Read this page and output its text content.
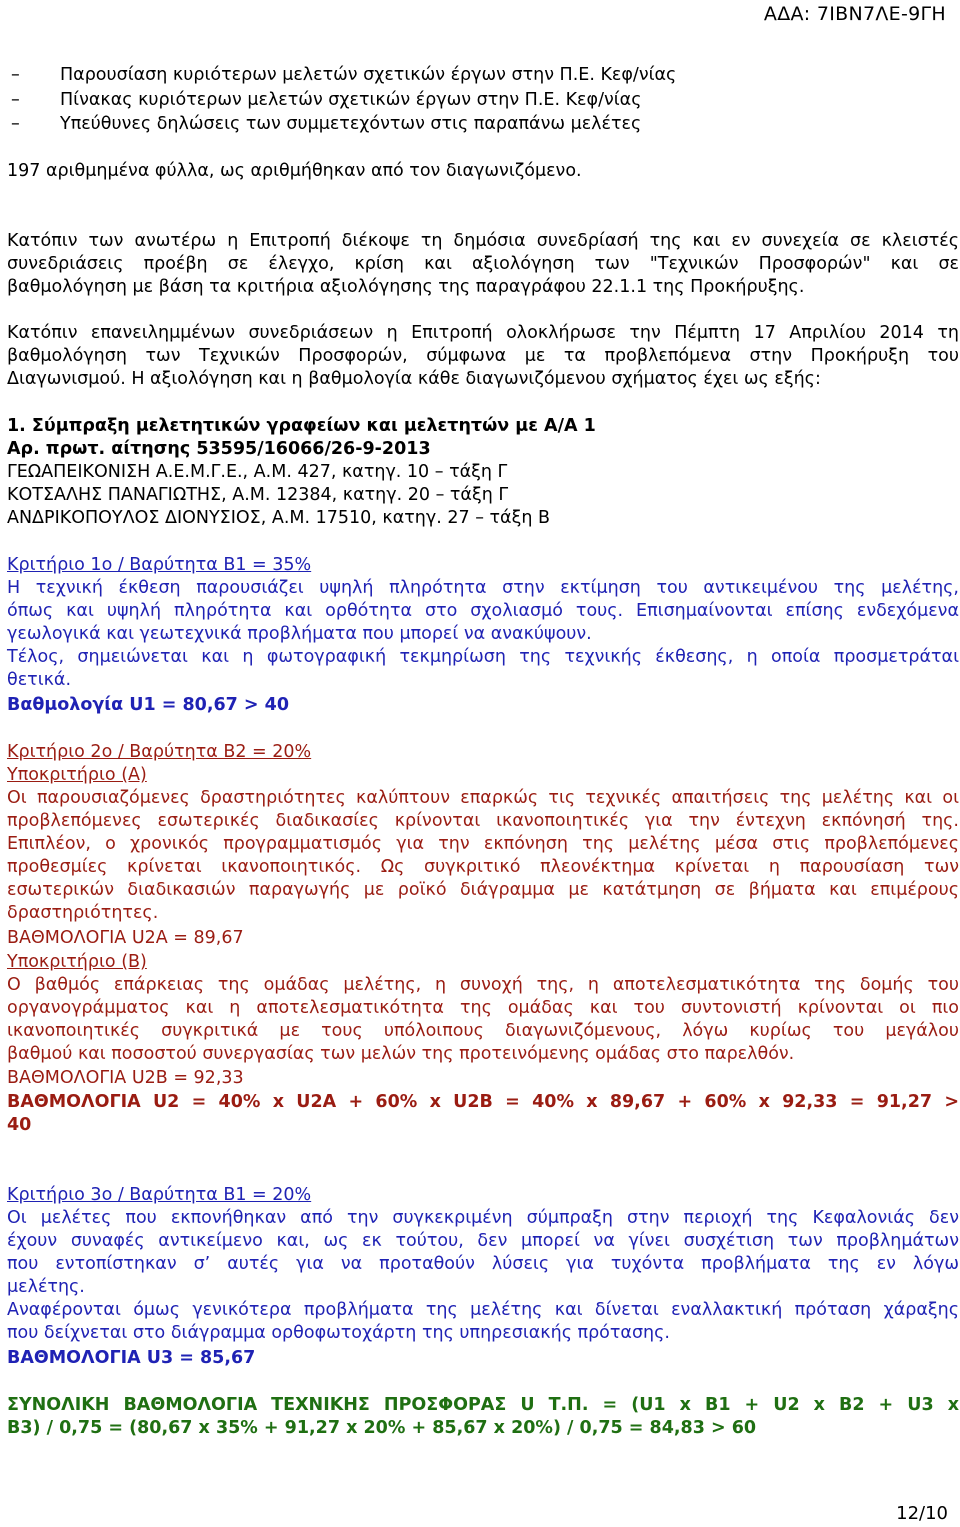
ΑΔΑ: 7ΙΒΝ7ΛΕ-9ΓΗ
– Παρουσίαση κυριότερων μελετών σχετικών έργων στην Π.Ε. Κεφ/νίας
– Πίνακας κυριότερων μελετών σχετικών έργων στην Π.Ε. Κεφ/νίας
– Υπεύθυνες δηλώσεις των συμμετεχόντων στις παραπάνω μελέτες
197 αριθμημένα φύλλα, ως αριθμήθηκαν από τον διαγωνιζόμενο.
Κατόπιν των ανωτέρω η Επιτροπή διέκοψε τη δημόσια συνεδρίασή της και εν συνεχεία σε κλειστές
συνεδριάσεις προέβη σε έλεγχο, κρίση και αξιολόγηση των "Τεχνικών Προσφορών" και σε
βαθμολόγηση με βάση τα κριτήρια αξιολόγησης της παραγράφου 22.1.1 της Προκήρυξης.
Κατόπιν επανειλημμένων συνεδριάσεων η Επιτροπή ολοκλήρωσε την Πέμπτη 17 Απριλίου 2014 τη
βαθμολόγηση των Τεχνικών Προσφορών, σύμφωνα με τα προβλεπόμενα στην Προκήρυξη του
Διαγωνισμού. Η αξιολόγηση και η βαθμολογία κάθε διαγωνιζόμενου σχήματος έχει ως εξής:
1. Σύμπραξη μελετητικών γραφείων και μελετητών με Α/Α 1
Αρ. πρωτ. αίτησης 53595/16066/26-9-2013
ΓΕΩΑΠΕΙΚΟΝΙΣΗ Α.Ε.Μ.Γ.Ε., Α.Μ. 427, κατηγ. 10 – τάξη Γ
ΚΟΤΣΑΛΗΣ ΠΑΝΑΓΙΩΤΗΣ, Α.Μ. 12384, κατηγ. 20 – τάξη Γ
ΑΝΔΡΙΚΟΠΟΥΛΟΣ ΔΙΟΝΥΣΙΟΣ, Α.Μ. 17510, κατηγ. 27 – τάξη Β
Κριτήριο 1ο / Βαρύτητα Β1 = 35%
Η τεχνική έκθεση παρουσιάζει υψηλή πληρότητα στην εκτίμηση του αντικειμένου της μελέτης,
όπως και υψηλή πληρότητα και ορθότητα στο σχολιασμό τους. Επισημαίνονται επίσης ενδεχόμενα
γεωλογικά και γεωτεχνικά προβλήματα που μπορεί να ανακύψουν.
Τέλος, σημειώνεται και η φωτογραφική τεκμηρίωση της τεχνικής έκθεσης, η οποία προσμετράται
θετικά.
Βαθμολογία U1 = 80,67 > 40
Κριτήριο 2ο / Βαρύτητα Β2 = 20%
Υποκριτήριο (Α)
Οι παρουσιαζόμενες δραστηριότητες καλύπτουν επαρκώς τις τεχνικές απαιτήσεις της μελέτης και οι
προβλεπόμενες εσωτερικές διαδικασίες κρίνονται ικανοποιητικές για την έντεχνη εκπόνησή της.
Επιπλέον, ο χρονικός προγραμματισμός για την εκπόνηση της μελέτης μέσα στις προβλεπόμενες
προθεσμίες κρίνεται ικανοποιητικός. Ως συγκριτικό πλεονέκτημα κρίνεται η παρουσίαση των
εσωτερικών διαδικασιών παραγωγής με ροϊκό διάγραμμα με κατάτμηση σε βήματα και επιμέρους
δραστηριότητες.
ΒΑΘΜΟΛΟΓΙΑ U2A = 89,67
Υποκριτήριο (Β)
Ο βαθμός επάρκειας της ομάδας μελέτης, η συνοχή της, η αποτελεσματικότητα της δομής του
οργανογράμματος και η αποτελεσματικότητα της ομάδας και του συντονιστή κρίνονται οι πιο
ικανοποιητικές συγκριτικά με τους υπόλοιπους διαγωνιζόμενους, λόγω κυρίως του μεγάλου
βαθμού και ποσοστού συνεργασίας των μελών της προτεινόμενης ομάδας στο παρελθόν.
ΒΑΘΜΟΛΟΓΙΑ U2B = 92,33
ΒΑΘΜΟΛΟΓΙΑ U2 = 40% x U2A + 60% x U2B = 40% x 89,67 + 60% x 92,33 = 91,27 >
40
Κριτήριο 3ο / Βαρύτητα Β1 = 20%
Οι μελέτες που εκπονήθηκαν από την συγκεκριμένη σύμπραξη στην περιοχή της Κεφαλονιάς δεν
έχουν συναφές αντικείμενο και, ως εκ τούτου, δεν μπορεί να γίνει συσχέτιση των προβλημάτων
που εντοπίστηκαν σ’ αυτές για να προταθούν λύσεις για τυχόντα προβλήματα της εν λόγω
μελέτης.
Αναφέρονται όμως γενικότερα προβλήματα της μελέτης και δίνεται εναλλακτική πρόταση χάραξης
που δείχνεται στο διάγραμμα ορθοφωτοχάρτη της υπηρεσιακής πρότασης.
ΒΑΘΜΟΛΟΓΙΑ U3 = 85,67
ΣΥΝΟΛΙΚΗ ΒΑΘΜΟΛΟΓΙΑ ΤΕΧΝΙΚΗΣ ΠΡΟΣΦΟΡΑΣ U Τ.Π. = (U1 x B1 + U2 x B2 + U3 x
B3) / 0,75 = (80,67 x 35% + 91,27 x 20% + 85,67 x 20%) / 0,75 = 84,83 > 60
12/10
